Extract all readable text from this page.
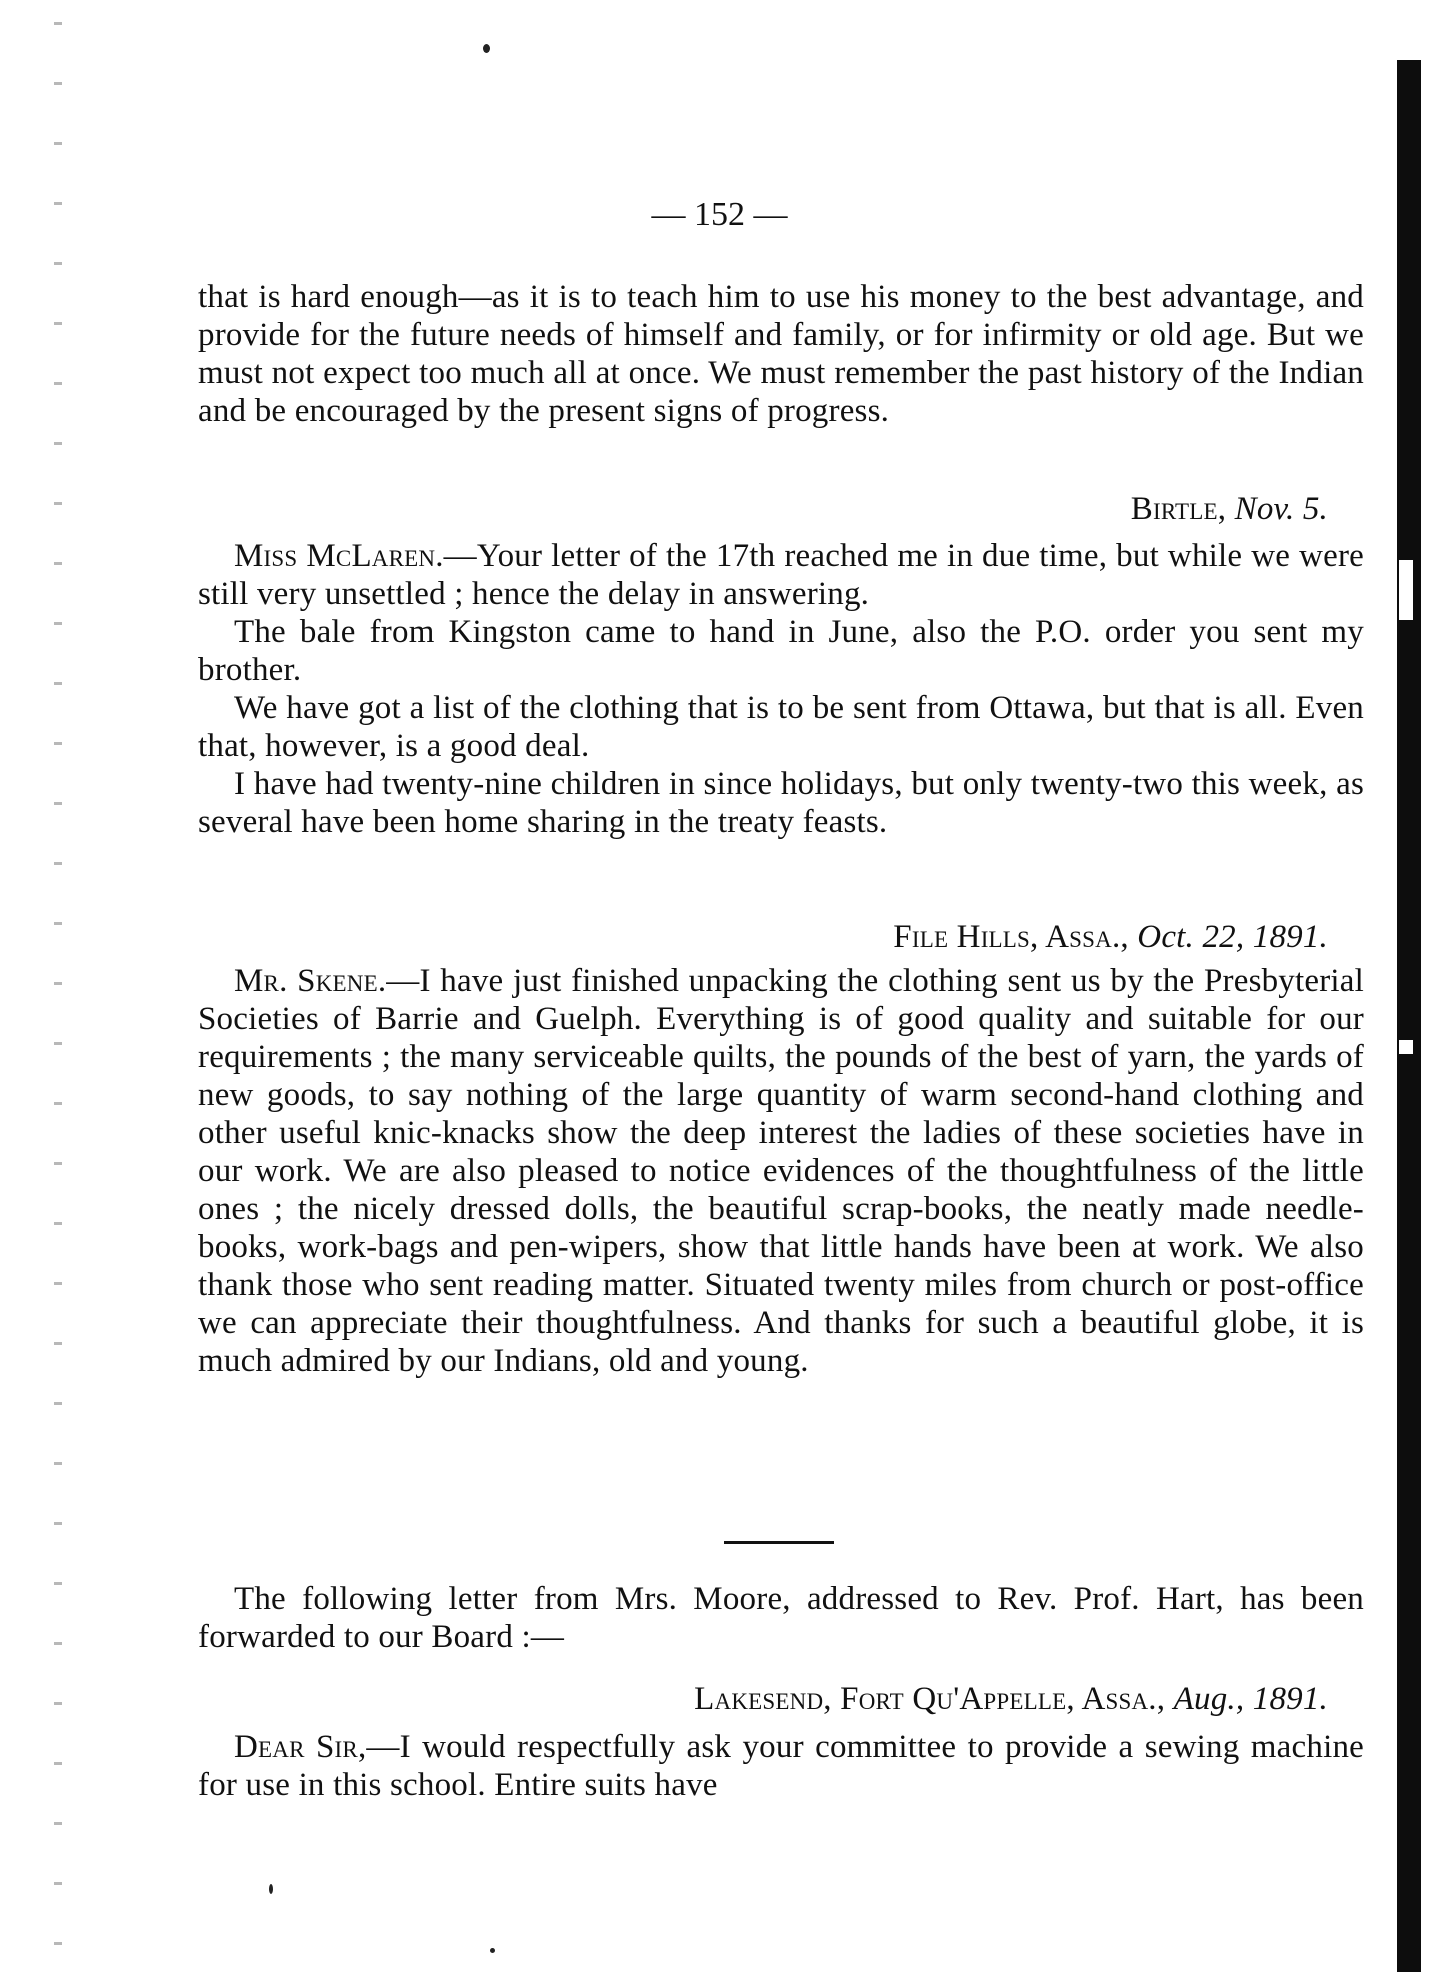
— 152 —

that is hard enough—as it is to teach him to use his money to the best advantage, and provide for the future needs of himself and family, or for infirmity or old age. But we must not expect too much all at once. We must remember the past history of the Indian and be encouraged by the present signs of progress.

Birtle, Nov. 5.

Miss McLaren.—Your letter of the 17th reached me in due time, but while we were still very unsettled ; hence the delay in answering.

The bale from Kingston came to hand in June, also the P.O. order you sent my brother.

We have got a list of the clothing that is to be sent from Ottawa, but that is all. Even that, however, is a good deal.

I have had twenty-nine children in since holidays, but only twenty-two this week, as several have been home sharing in the treaty feasts.

File Hills, Assa., Oct. 22, 1891.

Mr. Skene.—I have just finished unpacking the clothing sent us by the Presbyterial Societies of Barrie and Guelph. Everything is of good quality and suitable for our requirements ; the many serviceable quilts, the pounds of the best of yarn, the yards of new goods, to say nothing of the large quantity of warm second-hand clothing and other useful knic-knacks show the deep interest the ladies of these societies have in our work. We are also pleased to notice evidences of the thoughtfulness of the little ones ; the nicely dressed dolls, the beautiful scrap-books, the neatly made needle-books, work-bags and pen-wipers, show that little hands have been at work. We also thank those who sent reading matter. Situated twenty miles from church or post-office we can appreciate their thoughtfulness. And thanks for such a beautiful globe, it is much admired by our Indians, old and young.

The following letter from Mrs. Moore, addressed to Rev. Prof. Hart, has been forwarded to our Board :—

Lakesend, Fort Qu'Appelle, Assa., Aug., 1891.

Dear Sir,—I would respectfully ask your committee to provide a sewing machine for use in this school. Entire suits have
